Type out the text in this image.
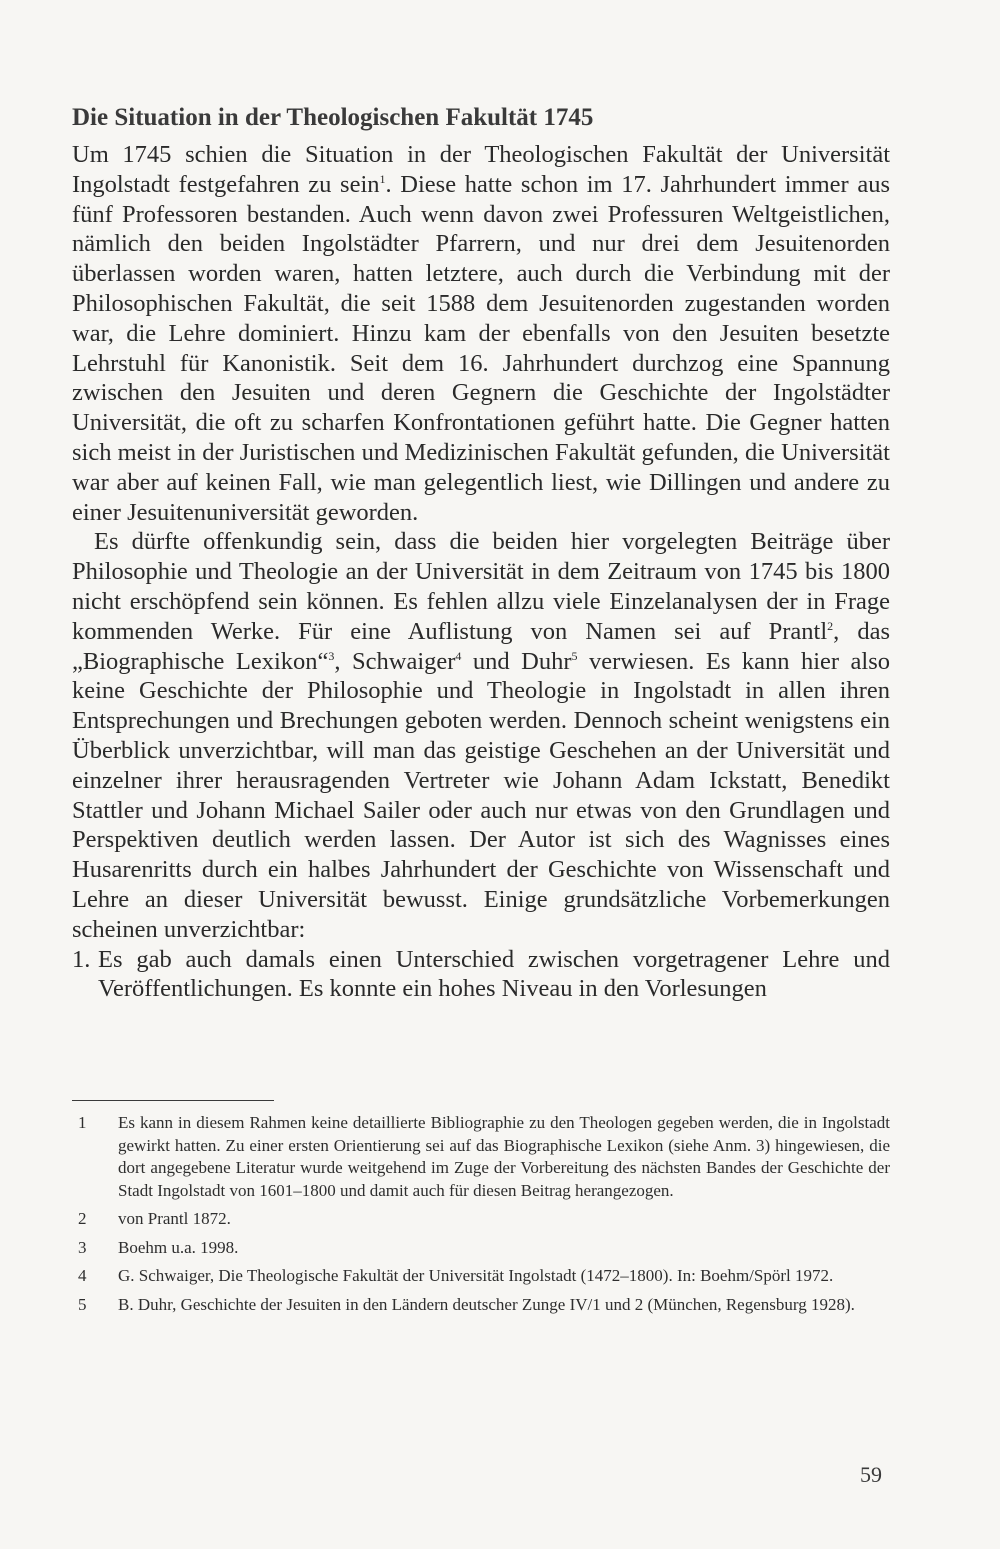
Die Situation in der Theologischen Fakultät 1745

Um 1745 schien die Situation in der Theologischen Fakultät der Universität Ingolstadt festgefahren zu sein$^1$. Diese hatte schon im 17. Jahrhundert immer aus fünf Professoren bestanden. Auch wenn davon zwei Professuren Weltgeistlichen, nämlich den beiden Ingolstädter Pfarrern, und nur drei dem Jesuitenorden überlassen worden waren, hatten letztere, auch durch die Verbindung mit der Philosophischen Fakultät, die seit 1588 dem Jesuitenorden zugestanden worden war, die Lehre dominiert. Hinzu kam der ebenfalls von den Jesuiten besetzte Lehrstuhl für Kanonistik. Seit dem 16. Jahrhundert durchzog eine Spannung zwischen den Jesuiten und deren Gegnern die Geschichte der Ingolstädter Universität, die oft zu scharfen Konfrontationen geführt hatte. Die Gegner hatten sich meist in der Juristischen und Medizinischen Fakultät gefunden, die Universität war aber auf keinen Fall, wie man gelegentlich liest, wie Dillingen und andere zu einer Jesuitenuniversität geworden.

Es dürfte offenkundig sein, dass die beiden hier vorgelegten Beiträge über Philosophie und Theologie an der Universität in dem Zeitraum von 1745 bis 1800 nicht erschöpfend sein können. Es fehlen allzu viele Einzelanalysen der in Frage kommenden Werke. Für eine Auflistung von Namen sei auf Prantl$^2$, das „Biographische Lexikon“$^3$, Schwaiger$^4$ und Duhr$^5$ verwiesen. Es kann hier also keine Geschichte der Philosophie und Theologie in Ingolstadt in allen ihren Entsprechungen und Brechungen geboten werden. Dennoch scheint wenigstens ein Überblick unverzichtbar, will man das geistige Geschehen an der Universität und einzelner ihrer herausragenden Vertreter wie Johann Adam Ickstatt, Benedikt Stattler und Johann Michael Sailer oder auch nur etwas von den Grundlagen und Perspektiven deutlich werden lassen. Der Autor ist sich des Wagnisses eines Husarenritts durch ein halbes Jahrhundert der Geschichte von Wissenschaft und Lehre an dieser Universität bewusst. Einige grundsätzliche Vorbemerkungen scheinen unverzichtbar:

1. Es gab auch damals einen Unterschied zwischen vorgetragener Lehre und Veröffentlichungen. Es konnte ein hohes Niveau in den Vorlesungen
1 Es kann in diesem Rahmen keine detaillierte Bibliographie zu den Theologen gegeben werden, die in Ingolstadt gewirkt hatten. Zu einer ersten Orientierung sei auf das Biographische Lexikon (siehe Anm. 3) hingewiesen, die dort angegebene Literatur wurde weitgehend im Zuge der Vorbereitung des nächsten Bandes der Geschichte der Stadt Ingolstadt von 1601–1800 und damit auch für diesen Beitrag herangezogen.
2 von Prantl 1872.
3 Boehm u.a. 1998.
4 G. Schwaiger, Die Theologische Fakultät der Universität Ingolstadt (1472–1800). In: Boehm/Spörl 1972.
5 B. Duhr, Geschichte der Jesuiten in den Ländern deutscher Zunge IV/1 und 2 (München, Regensburg 1928).
59
